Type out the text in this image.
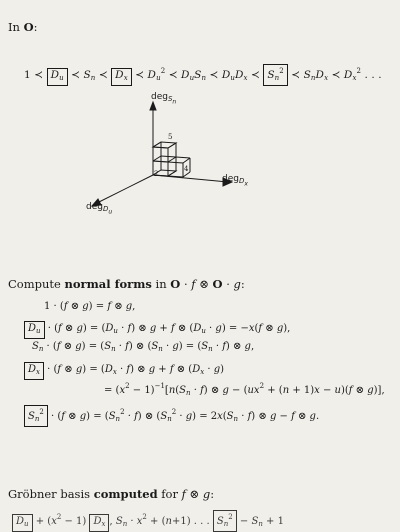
In O:
1 ≺ $D_u$ ≺ $S_n$ ≺ $D_x$ ≺ $D_u^2$ ≺ $D_uS_n$ ≺ $D_uD_x$ ≺ $S_n^2$ ≺ $S_nD_x$ ≺ $D_x^2$ . . .
deg$_{S_n}$
deg$_{D_x}$
deg$_{D_u}$
5
2
4
Compute normal forms in O · f ⊗ O · g:
1 · (f ⊗ g) = f ⊗ g,
$D_u \cdot (f$ ⊗ $g) = (D_u \cdot f)$ ⊗ g + f ⊗ $(D_u \cdot g) = -x(f$ ⊗ g),
$S_n \cdot (f$ ⊗ $g) = (S_n \cdot f)$ ⊗ $(S_n \cdot g) = (S_n \cdot f)$ ⊗ g,
$D_x \cdot (f$ ⊗ $g) = (D_x \cdot f)$ ⊗ g + f ⊗ $(D_x \cdot g)$
= $(x^2 - 1)^{-1}[n(S_n \cdot f)$ ⊗ $g - (ux^2 + (n + 1)x - u)(f$ ⊗ g)],
$S_n^2 \cdot (f$ ⊗ $g) = (S_n^2 \cdot f)$ ⊗ $(S_n^2 \cdot g) = 2x(S_n \cdot f)$ ⊗ g − f ⊗ g.
Gröbner basis computed for f ⊗ g:
$D_u + (x^2 - 1)$ $D_x$ , $S_n \cdot x^2 + (n+1)$ . . . $S_n^2 - S_n + 1$
